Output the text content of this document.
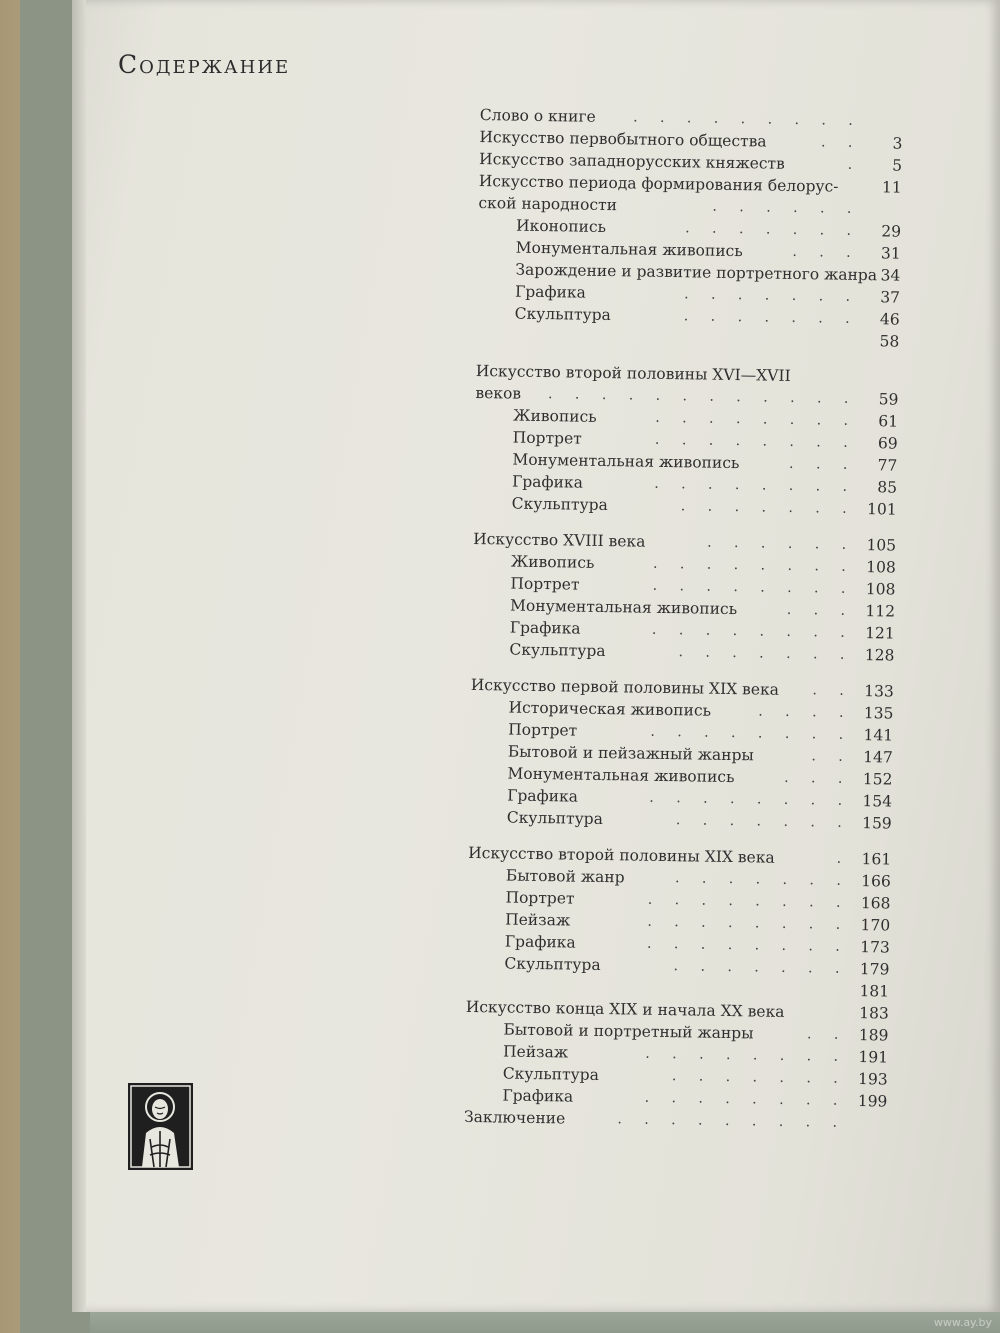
Содержание
Слово о книге	. . . . . . . . .
Искусство первобытного общества	. .	3
Искусство западнорусских княжеств	.	5
Искусство периода формирования белорус-	11
ской народности	. . . . . .
Иконопись	. . . . . . . 29
Монументальная живопись	. . . 31
Зарождение и развитие портретного жанра 34
Графика	. . . . . . . 37
Скульптура	. . . . . . . 46
58
Искусство второй половины XVI—XVII
веков . . . . . . . . . . . . 59
Живопись	. . . . . . . . 61
Портрет	. . . . . . . . 69
Монументальная живопись	. . . 77
Графика	. . . . . . . . 85
Скульптура	. . . . . . . 101
Искусство XVIII века	. . . . . . 105
Живопись	. . . . . . . . 108
Портрет	. . . . . . . . 108
Монументальная живопись	. . . 112
Графика	. . . . . . . . 121
Скульптура	. . . . . . . 128
Искусство первой половины XIX века . . 133
Историческая живопись	. . . . 135
Портрет	. . . . . . . . 141
Бытовой и пейзажный жанры	. . 147
Монументальная живопись	. . . 152
Графика	. . . . . . . . 154
Скульптура	. . . . . . . 159
Искусство второй половины XIX века	. 161
Бытовой жанр	. . . . . . . 166
Портрет	. . . . . . . . 168
Пейзаж	. . . . . . . . 170
Графика	. . . . . . . . 173
Скульптура	. . . . . . . 179
181
Искусство конца XIX и начала XX века	183
Бытовой и портретный жанры	. . 189
Пейзаж	. . . . . . . . 191
Скульптура	. . . . . . . 193
Графика	. . . . . . . . 199
Заключение	. . . . . . . . .
www.ay.by
